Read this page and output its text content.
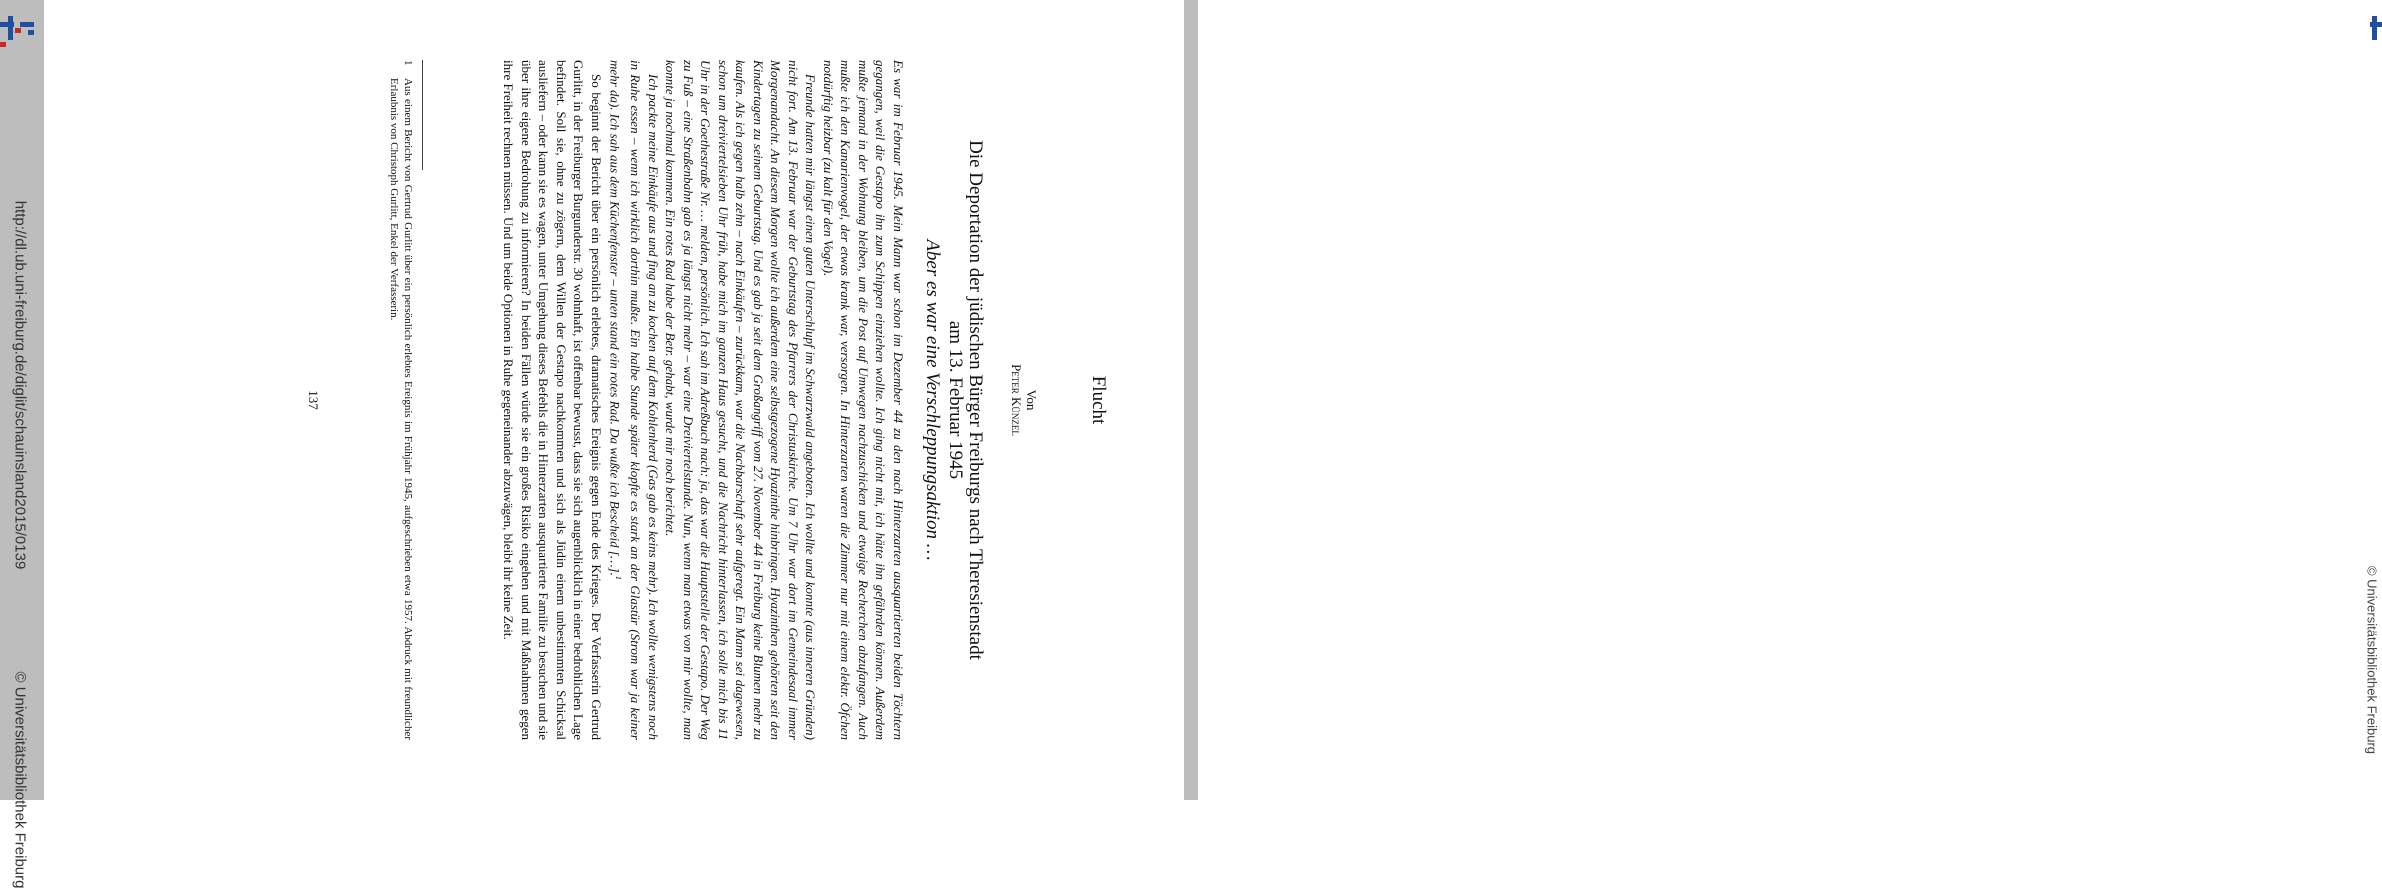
http://dl.ub.uni-freiburg.de/diglit/schauinsland2015/0139
© Universitätsbibliothek Freiburg
© Universitätsbibliothek Freiburg
Flucht
Von
Peter Künzel
Die Deportation der jüdischen Bürger Freiburgs nach Theresienstadt
am 13. Februar 1945
Aber es war eine Verschleppungsaktion …

Es war im Februar 1945. Mein Mann war schon im Dezember 44 zu den nach Hinterzarten ausquartierten beiden Töchtern gegangen, weil die Gestapo ihn zum Schippen einziehen wollte. Ich ging nicht mit, ich hätte ihn gefährden können. Außerdem mußte jemand in der Wohnung bleiben, um die Post auf Umwegen nachzuschicken und etwaige Recherchen abzufangen. Auch mußte ich den Kanarienvogel, der etwas krank war, versorgen. In Hinterzarten waren die Zimmer nur mit einem elektr. Öfchen notdürftig heizbar (zu kalt für den Vogel).

Freunde hatten mir längst einen guten Unterschlupf im Schwarzwald angeboten. Ich wollte und konnte (aus inneren Gründen) nicht fort. Am 13. Februar war der Geburtstag des Pfarrers der Christuskirche. Um 7 Uhr war dort im Gemeindesaal immer Morgenandacht. An diesem Morgen wollte ich außerdem eine selbstgezogene Hyazinthe hinbringen. Hyazinthen gehörten seit den Kindertagen zu seinem Geburtstag. Und es gab ja seit dem Großangriff vom 27. November 44 in Freiburg keine Blumen mehr zu kaufen. Als ich gegen halb zehn – nach Einkäufen – zurückkam, war die Nachbarschaft sehr aufgeregt. Ein Mann sei dagewesen, schon um dreiviertelsieben Uhr früh, habe mich im ganzen Haus gesucht, und die Nachricht hinterlassen, ich solle mich bis 11 Uhr in der Goethestraße Nr. … melden, persönlich. Ich sah im Adreßbuch nach: ja, das war die Hauptstelle der Gestapo. Der Weg zu Fuß – eine Straßenbahn gab es ja längst nicht mehr – war eine Dreiviertelstunde. Nun, wenn man etwas von mir wollte, man konnte ja nochmal kommen. Ein rotes Rad habe der Betr. gehabt, wurde mir noch berichtet.

Ich packte meine Einkäufe aus und fing an zu kochen auf dem Kohlenherd (Gas gab es keins mehr). Ich wollte wenigstens noch in Ruhe essen – wenn ich wirklich dorthin mußte. Ein halbe Stunde später klopfte es stark an der Glastür (Strom war ja keiner mehr da). Ich sah aus dem Küchenfenster – unten stand ein rotes Rad. Da wußte ich Bescheid […].$^1$

So beginnt der Bericht über ein persönlich erlebtes, dramatisches Ereignis gegen Ende des Krieges. Der Verfasserin Gertrud Gurlitt, in der Freiburger Burgunderstr. 30 wohnhaft, ist offenbar bewusst, dass sie sich augenblicklich in einer bedrohlichen Lage befindet. Soll sie, ohne zu zögern, dem Willen der Gestapo nachkommen und sich als Jüdin einem unbestimmten Schicksal ausliefern – oder kann sie es wagen, unter Umgehung dieses Befehls die in Hinterzarten ausquartierte Familie zu besuchen und sie über ihre eigene Bedrohung zu informieren? In beiden Fällen würde sie ein großes Risiko eingehen und mit Maßnahmen gegen ihre Freiheit rechnen müssen. Und um beide Optionen in Ruhe gegeneinander abzuwägen, bleibt ihr keine Zeit.

1
Aus einem Bericht von Gertrud Gurlitt über ein persönlich erlebtes Ereignis im Frühjahr 1945, aufgeschrieben etwa 1957. Abdruck mit freundlicher Erlaubnis von Christoph Gurlitt, Enkel der Verfasserin.
137
